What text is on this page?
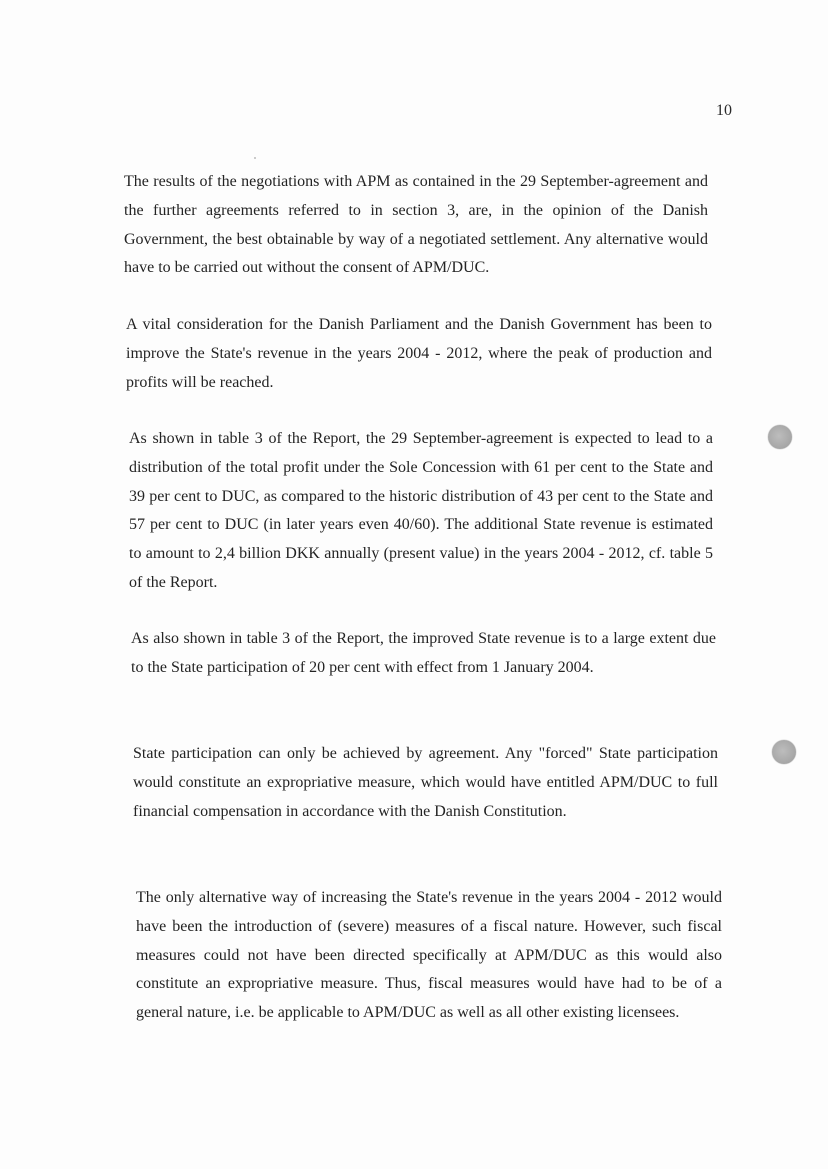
10

The results of the negotiations with APM as contained in the 29 September-agreement and the further agreements referred to in section 3, are, in the opinion of the Danish Government, the best obtainable by way of a negotiated settlement. Any alternative would have to be carried out without the consent of APM/DUC.

A vital consideration for the Danish Parliament and the Danish Government has been to improve the State's revenue in the years 2004 - 2012, where the peak of production and profits will be reached.

As shown in table 3 of the Report, the 29 September-agreement is expected to lead to a distribution of the total profit under the Sole Concession with 61 per cent to the State and 39 per cent to DUC, as compared to the historic distribution of 43 per cent to the State and 57 per cent to DUC (in later years even 40/60). The additional State revenue is estimated to amount to 2,4 billion DKK annually (present value) in the years 2004 - 2012, cf. table 5 of the Report.

As also shown in table 3 of the Report, the improved State revenue is to a large extent due to the State participation of 20 per cent with effect from 1 January 2004.

State participation can only be achieved by agreement. Any "forced" State participation would constitute an expropriative measure, which would have entitled APM/DUC to full financial compensation in accordance with the Danish Constitution.

The only alternative way of increasing the State's revenue in the years 2004 - 2012 would have been the introduction of (severe) measures of a fiscal nature. However, such fiscal measures could not have been directed specifically at APM/DUC as this would also constitute an expropriative measure. Thus, fiscal measures would have had to be of a general nature, i.e. be applicable to APM/DUC as well as all other existing licensees.
